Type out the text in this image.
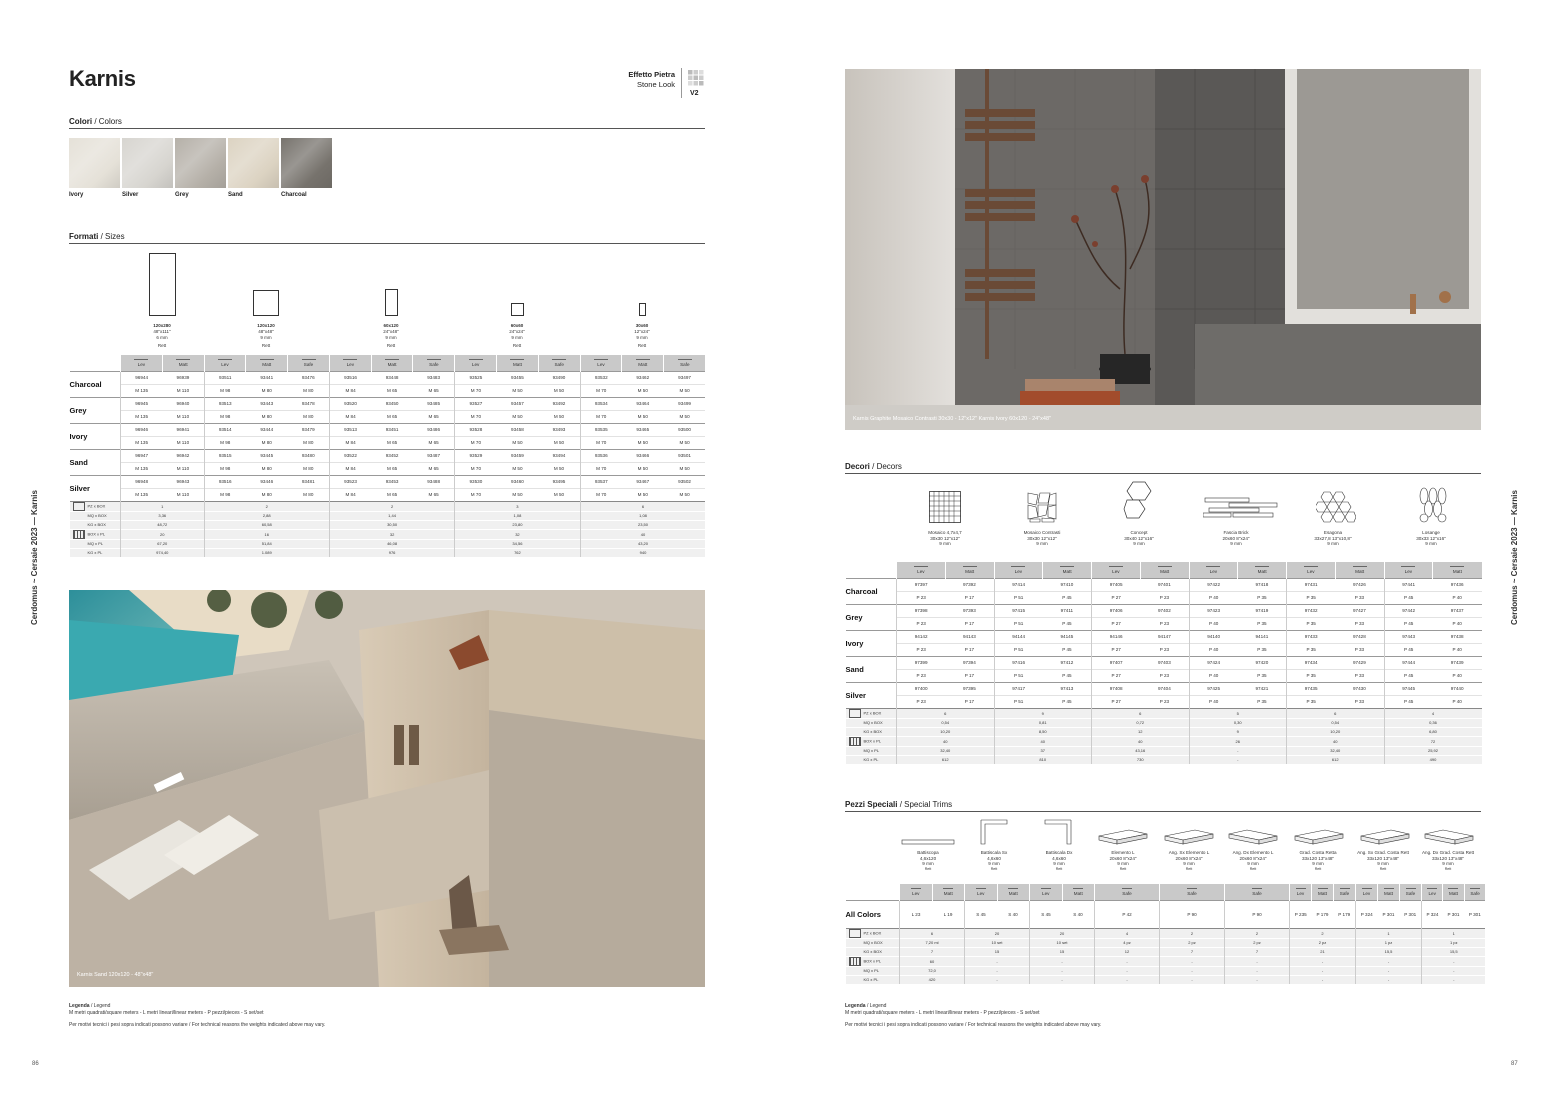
Karnis	Effetto Pietra
Stone Look
V2
Colori / Colors
Ivory	Silver	Grey	Sand	Charcoal
Formati / Sizes
120x280
48"x111"
6 mm
Rett
120x120
48"x48"
9 mm
Rett
60x120
24"x48"
9 mm
Rett
60x60
24"x24"
9 mm
Rett
30x60
12"x24"
9 mm
Rett

Lev	Matt	Lev	Matt	Safe	Lev	Matt	Safe	Lev	Matt	Safe	Lev	Matt	Safe
Charcoal	96944	96939	93511	93441	93476	93516	93448	93483	93525	93455	93490	93532	93462	93497
	M 135	M 110	M 98	M 80	M 80	M 84	M 65	M 65	M 70	M 50	M 50	M 70	M 50	M 50
Grey	96945	96940	93513	93443	93478	93520	93450	93485	93527	93457	93492	93534	93464	93499
	M 135	M 110	M 98	M 80	M 80	M 84	M 65	M 65	M 70	M 50	M 50	M 70	M 50	M 50
Ivory	96946	96941	93514	93444	93479	93513	93451	93486	93528	93458	93493	93535	93465	93500
	M 135	M 110	M 98	M 80	M 80	M 84	M 65	M 65	M 70	M 50	M 50	M 70	M 50	M 50
Sand	96947	96942	93515	93445	93480	93522	93452	93487	93529	93459	93494	93536	93466	93501
	M 135	M 110	M 98	M 80	M 80	M 84	M 65	M 65	M 70	M 50	M 50	M 70	M 50	M 50
Silver	96948	96943	93516	93446	93481	93523	93453	93488	93530	93460	93495	93537	93467	93502
	M 135	M 110	M 98	M 80	M 80	M 84	M 65	M 65	M 70	M 50	M 50	M 70	M 50	M 50
PZ x BOX	1		2			2			3			6		
MQ x BOX	3,36		2,88			1,44			1,08			1,08		
KG x BOX	48,72		60,58			30,50			23,80			23,50		
BOX x PL	20		16			32			32			40		
MQ x PL	67,20		51,84			46,08			34,56			43,20		
KG x PL	974,40		1.089			976			762			940		
Karnis Sand 120x120 - 48"x48"
Legenda / Legend
M metri quadrati/square meters - L metri lineari/linear meters - P pezzi/pieces - S set/set
Per motivi tecnici i pesi sopra indicati possono variare / For technical reasons the weights indicated above may vary.
86
Cerdomus ~ Cersaie 2023 — Karnis
Karnis Graphite Mosaico Contrasti 30x30 - 12"x12" Karnis Ivory 60x120 - 24"x48"
Decori / Decors
Mosaico 4,7x4,7
30x30 12"x12"
9 mm
Mosaico Contrasti
30x30 12"x12"
9 mm
Concept
30x40 12"x16"
9 mm
Fascia Brick
20x60 8"x24"
9 mm
Esagona
33x27,8 13"x10,8"
9 mm
Losange
30x33 12"x16"
9 mm

Lev	Matt	Lev	Matt	Lev	Matt	Lev	Matt	Lev	Matt	Lev	Matt
Charcoal	97397	97392	97414	97410	97405	97401	97422	97418	97431	97426	97441	97436
	P 23	P 17	P 51	P 45	P 27	P 23	P 40	P 35	P 35	P 33	P 45	P 40
Grey	97398	97393	97415	97411	97406	97402	97423	97419	97432	97427	97442	97437
	P 23	P 17	P 51	P 45	P 27	P 23	P 40	P 35	P 35	P 33	P 45	P 40
Ivory	94142	94143	94144	94145	94146	94147	94140	94141	97433	97428	97443	97438
	P 23	P 17	P 51	P 45	P 27	P 23	P 40	P 35	P 35	P 33	P 45	P 40
Sand	97399	97394	97416	97412	97407	97403	97424	97420	97434	97429	97444	97439
	P 23	P 17	P 51	P 45	P 27	P 23	P 40	P 35	P 35	P 33	P 45	P 40
Silver	97400	97395	97417	97413	97408	97404	97425	97421	97435	97430	97445	97440
	P 23	P 17	P 51	P 45	P 27	P 23	P 40	P 35	P 35	P 33	P 45	P 40
PZ x BOX	6		9		6		5		6		4	
MQ x BOX	0,54		0,81		0,72		0,30		0,54		0,36	
KG x BOX	10,20		8,50		12		9		10,20		6,80	
BOX x PL	40		40		40		26		40		72	
MQ x PL	32,40		37		43,16		-		32,40		25,92	
KG x PL	612		810		730		-		612		490	
Pezzi Speciali / Special Trims
Battiscopa
4,6x120
9 mm
Rett
Battiscala Sx
4,6x60
9 mm
Rett
Battiscala Dx
4,6x60
9 mm
Rett
Elemento L
20x60 8"x24"
9 mm
Rett
Ang. Sx Elemento L
20x60 8"x24"
9 mm
Rett
Ang. Dx Elemento L
20x60 8"x24"
9 mm
Rett
Grad. Costa Retta
33x120 13"x48"
9 mm
Rett
Ang. Sx Grad. Costa Rett
33x120 13"x48"
9 mm
Rett
Ang. Dx Grad. Costa Rett
33x120 13"x48"
9 mm
Rett

Lev	Matt	Lev	Matt	Lev	Matt	Safe	Safe	Safe	Lev	Matt	Safe	Lev	Matt	Safe	Lev	Matt	Safe
All Colors	L 23	L 19	S 45	S 40	S 45	S 40	P 42	P 90	P 90	P 235	P 179	P 179	P 324	P 301	P 301	P 324	P 301	P 301
PZ x BOX	6		20		20		4	2	2	2			1			1		
MQ x BOX	7,20 ml		10 set		10 set		4 pz	2 pz	2 pz	2 pz			1 pz			1 pz		
KG x BOX	7		15		15		12	7	7	21			15,5			15,5		
BOX x PL	60		-		-		-	-	-	-			-			-		
MQ x PL	72,0		-		-		-	-	-	-			-			-		
KG x PL	420		-		-		-	-	-	-			-			-		
Legenda / Legend
M metri quadrati/square meters - L metri lineari/linear meters - P pezzi/pieces - S set/set
Per motivi tecnici i pesi sopra indicati possono variare / For technical reasons the weights indicated above may vary.
87
Cerdomus ~ Cersaie 2023 — Karnis
